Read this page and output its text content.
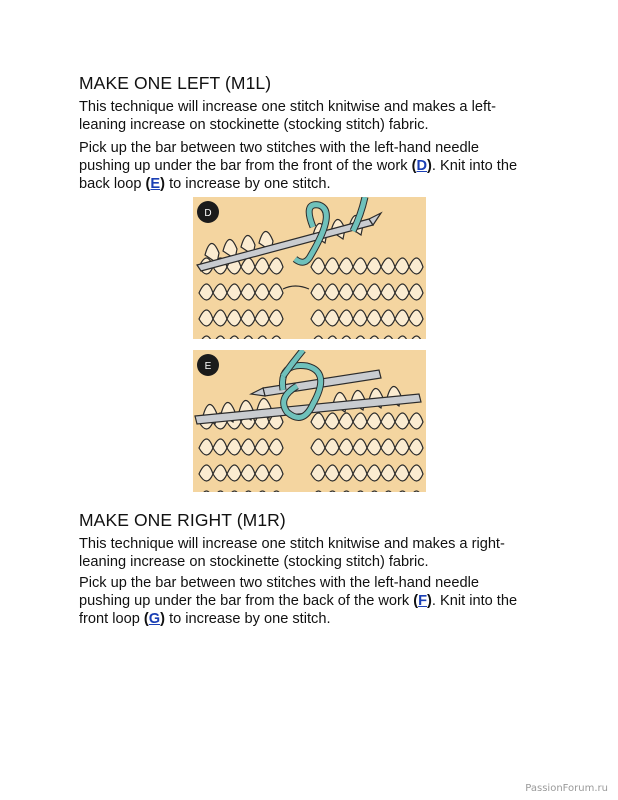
MAKE ONE LEFT (M1L)

This technique will increase one stitch knitwise and makes a left-
leaning increase on stockinette (stocking stitch) fabric.

Pick up the bar between two stitches with the left-hand needle
pushing up under the bar from the front of the work (D). Knit into the
back loop (E) to increase by one stitch.

D
E
MAKE ONE RIGHT (M1R)

This technique will increase one stitch knitwise and makes a right-
leaning increase on stockinette (stocking stitch) fabric.

Pick up the bar between two stitches with the left-hand needle
pushing up under the bar from the back of the work (F). Knit into the
front loop (G) to increase by one stitch.

PassionForum.ru
